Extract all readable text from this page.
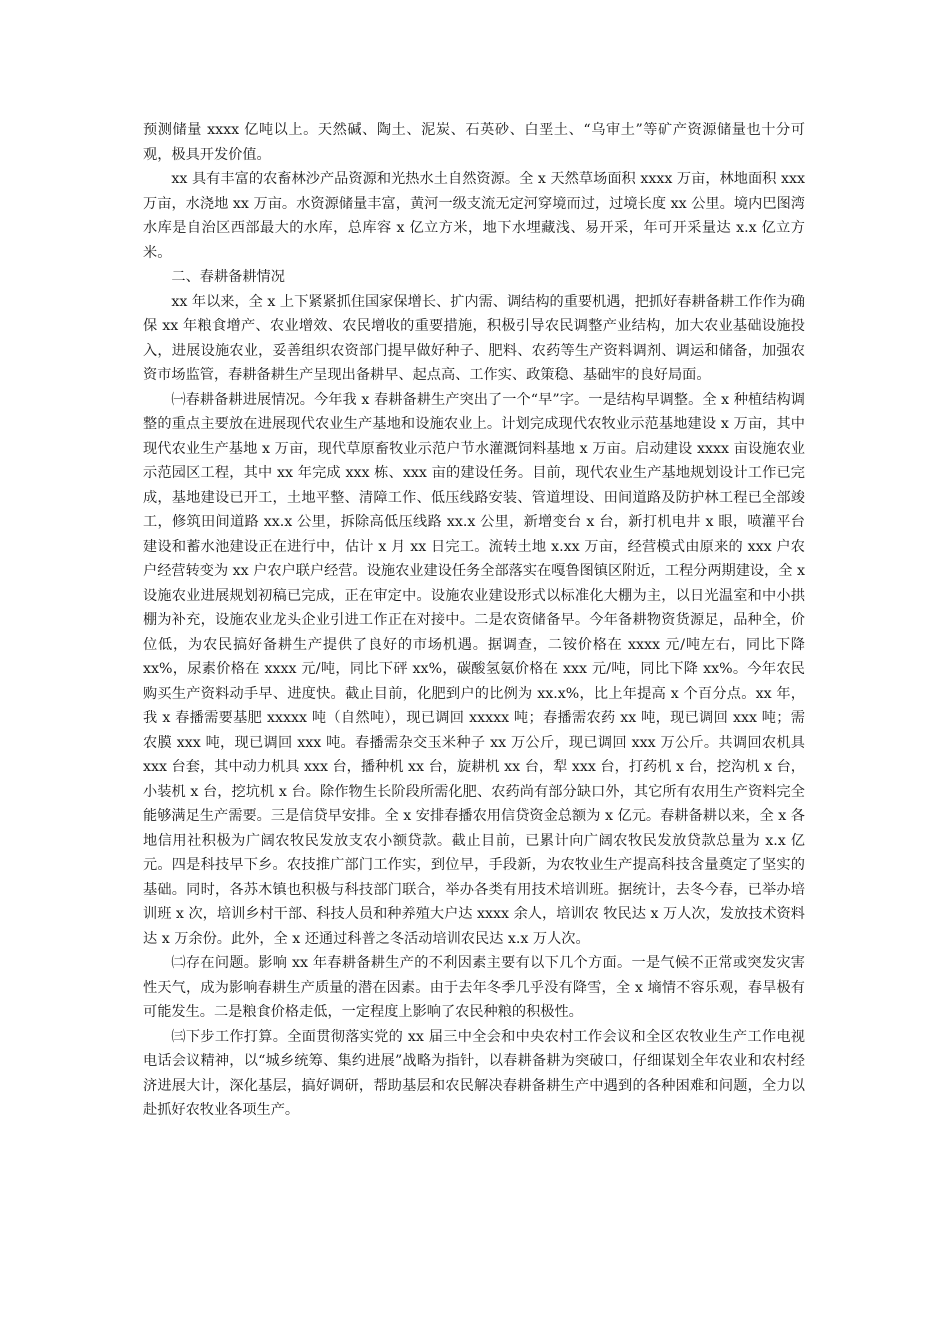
预测储量 xxxx 亿吨以上。天然碱、陶土、泥炭、石英砂、白垩土、“乌审土”等矿产资源储量也十分可观，极具开发价值。

xx 具有丰富的农畜林沙产品资源和光热水土自然资源。全 x 天然草场面积 xxxx 万亩，林地面积 xxx 万亩，水浇地 xx 万亩。水资源储量丰富，黄河一级支流无定河穿境而过，过境长度 xx 公里。境内巴图湾水库是自治区西部最大的水库，总库容 x 亿立方米，地下水埋藏浅、易开采，年可开采量达 x.x 亿立方米。

二、春耕备耕情况

xx 年以来，全 x 上下紧紧抓住国家保增长、扩内需、调结构的重要机遇，把抓好春耕备耕工作作为确保 xx 年粮食增产、农业增效、农民增收的重要措施，积极引导农民调整产业结构，加大农业基础设施投入，进展设施农业，妥善组织农资部门提早做好种子、肥料、农药等生产资料调剂、调运和储备，加强农资市场监管，春耕备耕生产呈现出备耕早、起点高、工作实、政策稳、基础牢的良好局面。

㈠春耕备耕进展情况。今年我 x 春耕备耕生产突出了一个“早”字。一是结构早调整。全 x 种植结构调整的重点主要放在进展现代农业生产基地和设施农业上。计划完成现代农牧业示范基地建设 x 万亩，其中现代农业生产基地 x 万亩，现代草原畜牧业示范户节水灌溉饲料基地 x 万亩。启动建设 xxxx 亩设施农业示范园区工程，其中 xx 年完成 xxx 栋、xxx 亩的建设任务。目前，现代农业生产基地规划设计工作已完成，基地建设已开工，土地平整、清障工作、低压线路安装、管道埋设、田间道路及防护林工程已全部竣工，修筑田间道路 xx.x 公里，拆除高低压线路 xx.x 公里，新增变台 x 台，新打机电井 x 眼，喷灌平台建设和蓄水池建设正在进行中，估计 x 月 xx 日完工。流转土地 x.xx 万亩，经营模式由原来的 xxx 户农户经营转变为 xx 户农户联户经营。设施农业建设任务全部落实在嘎鲁图镇区附近，工程分两期建设，全 x 设施农业进展规划初稿已完成，正在审定中。设施农业建设形式以标准化大棚为主，以日光温室和中小拱棚为补充，设施农业龙头企业引进工作正在对接中。二是农资储备早。今年备耕物资货源足，品种全，价位低，为农民搞好备耕生产提供了良好的市场机遇。据调查，二铵价格在 xxxx 元/吨左右，同比下降 xx%，尿素价格在 xxxx 元/吨，同比下砰 xx%，碳酸氢氨价格在 xxx 元/吨，同比下降 xx%。今年农民购买生产资料动手早、进度快。截止目前，化肥到户的比例为 xx.x%，比上年提高 x 个百分点。xx 年，我 x 春播需要基肥 xxxxx 吨（自然吨），现已调回 xxxxx 吨；春播需农药 xx 吨，现已调回 xxx 吨；需农膜 xxx 吨，现已调回 xxx 吨。春播需杂交玉米种子 xx 万公斤，现已调回 xxx 万公斤。共调回农机具 xxx 台套，其中动力机具 xxx 台，播种机 xx 台，旋耕机 xx 台，犁 xxx 台，打药机 x 台，挖沟机 x 台，小装机 x 台，挖坑机 x 台。除作物生长阶段所需化肥、农药尚有部分缺口外，其它所有农用生产资料完全能够满足生产需要。三是信贷早安排。全 x 安排春播农用信贷资金总额为 x 亿元。春耕备耕以来，全 x 各地信用社积极为广阔农牧民发放支农小额贷款。截止目前，已累计向广阔农牧民发放贷款总量为 x.x 亿元。四是科技早下乡。农技推广部门工作实，到位早，手段新，为农牧业生产提高科技含量奠定了坚实的基础。同时，各苏木镇也积极与科技部门联合，举办各类有用技术培训班。据统计，去冬今春，已举办培训班 x 次，培训乡村干部、科技人员和种养殖大户达 xxxx 余人，培训农 牧民达 x 万人次，发放技术资料达 x 万余份。此外，全 x 还通过科普之冬活动培训农民达 x.x 万人次。

㈡存在问题。影响 xx 年春耕备耕生产的不利因素主要有以下几个方面。一是气候不正常或突发灾害性天气，成为影响春耕生产质量的潜在因素。由于去年冬季几乎没有降雪，全 x 墒情不容乐观，春旱极有可能发生。二是粮食价格走低，一定程度上影响了农民种粮的积极性。

㈢下步工作打算。全面贯彻落实党的 xx 届三中全会和中央农村工作会议和全区农牧业生产工作电视电话会议精神，以“城乡统筹、集约进展”战略为指针，以春耕备耕为突破口，仔细谋划全年农业和农村经济进展大计，深化基层，搞好调研，帮助基层和农民解决春耕备耕生产中遇到的各种困难和问题，全力以赴抓好农牧业各项生产。
